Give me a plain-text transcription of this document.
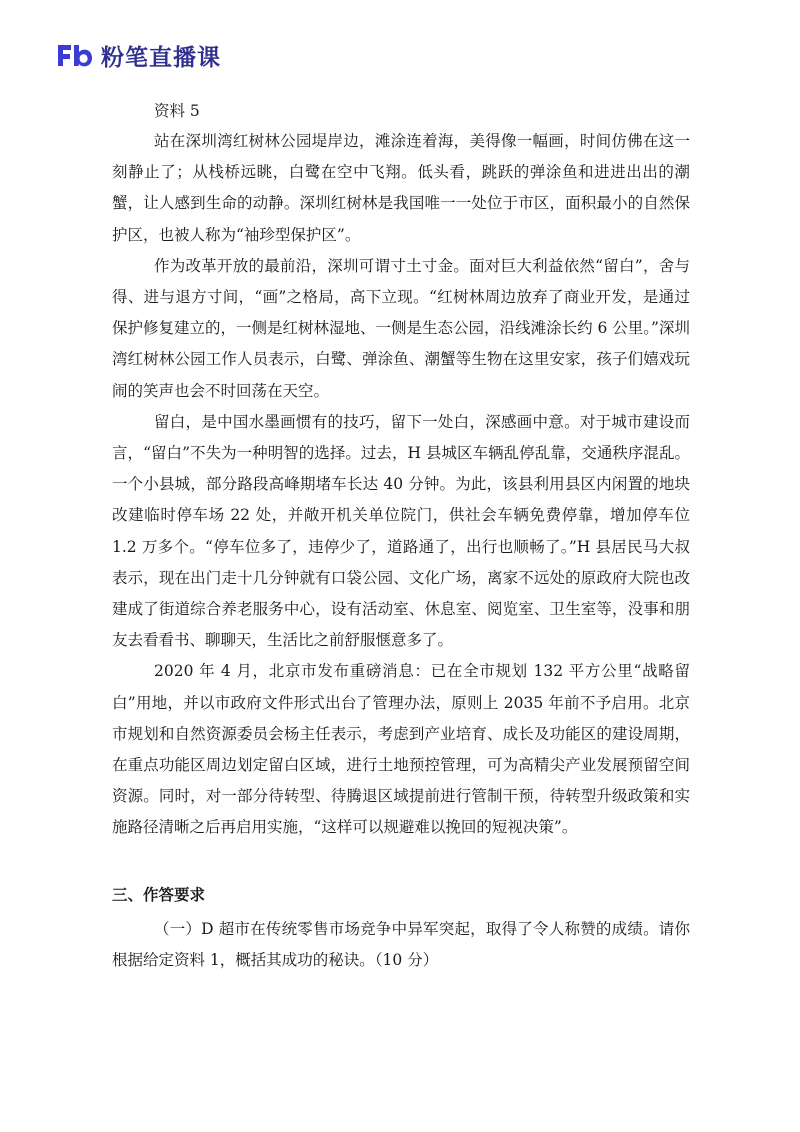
粉笔直播课

资料 5

站在深圳湾红树林公园堤岸边，滩涂连着海，美得像一幅画，时间仿佛在这一刻静止了；从栈桥远眺，白鹭在空中飞翔。低头看，跳跃的弹涂鱼和进进出出的潮蟹，让人感到生命的动静。深圳红树林是我国唯一一处位于市区，面积最小的自然保护区，也被人称为“袖珍型保护区”。

作为改革开放的最前沿，深圳可谓寸土寸金。面对巨大利益依然“留白”，舍与得、进与退方寸间，“画”之格局，高下立现。“红树林周边放弃了商业开发，是通过保护修复建立的，一侧是红树林湿地、一侧是生态公园，沿线滩涂长约 6 公里。”深圳湾红树林公园工作人员表示，白鹭、弹涂鱼、潮蟹等生物在这里安家，孩子们嬉戏玩闹的笑声也会不时回荡在天空。

留白，是中国水墨画惯有的技巧，留下一处白，深感画中意。对于城市建设而言，“留白”不失为一种明智的选择。过去，H 县城区车辆乱停乱靠，交通秩序混乱。一个小县城，部分路段高峰期堵车长达 40 分钟。为此，该县利用县区内闲置的地块改建临时停车场 22 处，并敞开机关单位院门，供社会车辆免费停靠，增加停车位 1.2 万多个。“停车位多了，违停少了，道路通了，出行也顺畅了。”H 县居民马大叔表示，现在出门走十几分钟就有口袋公园、文化广场，离家不远处的原政府大院也改建成了街道综合养老服务中心，设有活动室、休息室、阅览室、卫生室等，没事和朋友去看看书、聊聊天，生活比之前舒服惬意多了。

2020 年 4 月，北京市发布重磅消息：已在全市规划 132 平方公里“战略留白”用地，并以市政府文件形式出台了管理办法，原则上 2035 年前不予启用。北京市规划和自然资源委员会杨主任表示，考虑到产业培育、成长及功能区的建设周期，在重点功能区周边划定留白区域，进行土地预控管理，可为高精尖产业发展预留空间资源。同时，对一部分待转型、待腾退区域提前进行管制干预，待转型升级政策和实施路径清晰之后再启用实施，“这样可以规避难以挽回的短视决策”。

三、作答要求

（一）D 超市在传统零售市场竞争中异军突起，取得了令人称赞的成绩。请你根据给定资料 1，概括其成功的秘诀。（10 分）
